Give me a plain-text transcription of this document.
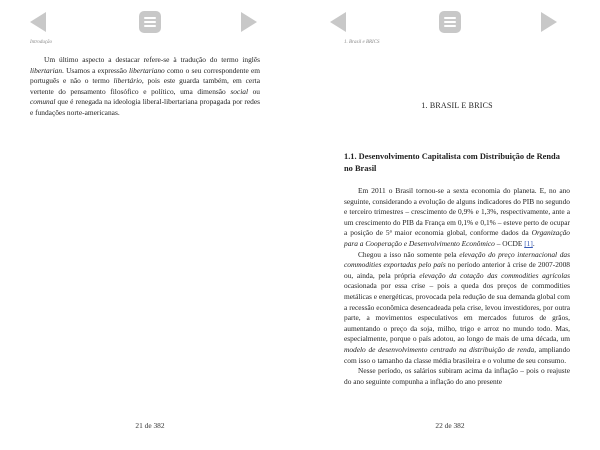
Introdução

Um último aspecto a destacar refere-se à tradução do termo inglês libertarian. Usamos a expressão libertariano como o seu correspondente em português e não o termo libertário, pois este guarda também, em certa vertente do pensamento filosófico e político, uma dimensão social ou comunal que é renegada na ideologia liberal-libertariana propagada por redes e fundações norte-americanas.

21 de 382
1. Brasil e BRICS
1. BRASIL E BRICS
1.1. Desenvolvimento Capitalista com Distribuição de Renda no Brasil

Em 2011 o Brasil tornou-se a sexta economia do planeta. E, no ano seguinte, considerando a evolução de alguns indicadores do PIB no segundo e terceiro trimestres – crescimento de 0,9% e 1,3%, respectivamente, ante a um crescimento do PIB da França em 0,1% e 0,1% – esteve perto de ocupar a posição de 5ª maior economia global, conforme dados da Organização para a Cooperação e Desenvolvimento Econômico – OCDE [1].

Chegou a isso não somente pela elevação do preço internacional das commodities exportadas pelo país no período anterior à crise de 2007-2008 ou, ainda, pela própria elevação da cotação das commodities agrícolas ocasionada por essa crise – pois a queda dos preços de commodities metálicas e energéticas, provocada pela redução de sua demanda global com a recessão econômica desencadeada pela crise, levou investidores, por outra parte, a movimentos especulativos em mercados futuros de grãos, aumentando o preço da soja, milho, trigo e arroz no mundo todo. Mas, especialmente, porque o país adotou, ao longo de mais de uma década, um modelo de desenvolvimento centrado na distribuição de renda, ampliando com isso o tamanho da classe média brasileira e o volume de seu consumo.

Nesse período, os salários subiram acima da inflação – pois o reajuste do ano seguinte compunha a inflação do ano presente

22 de 382
